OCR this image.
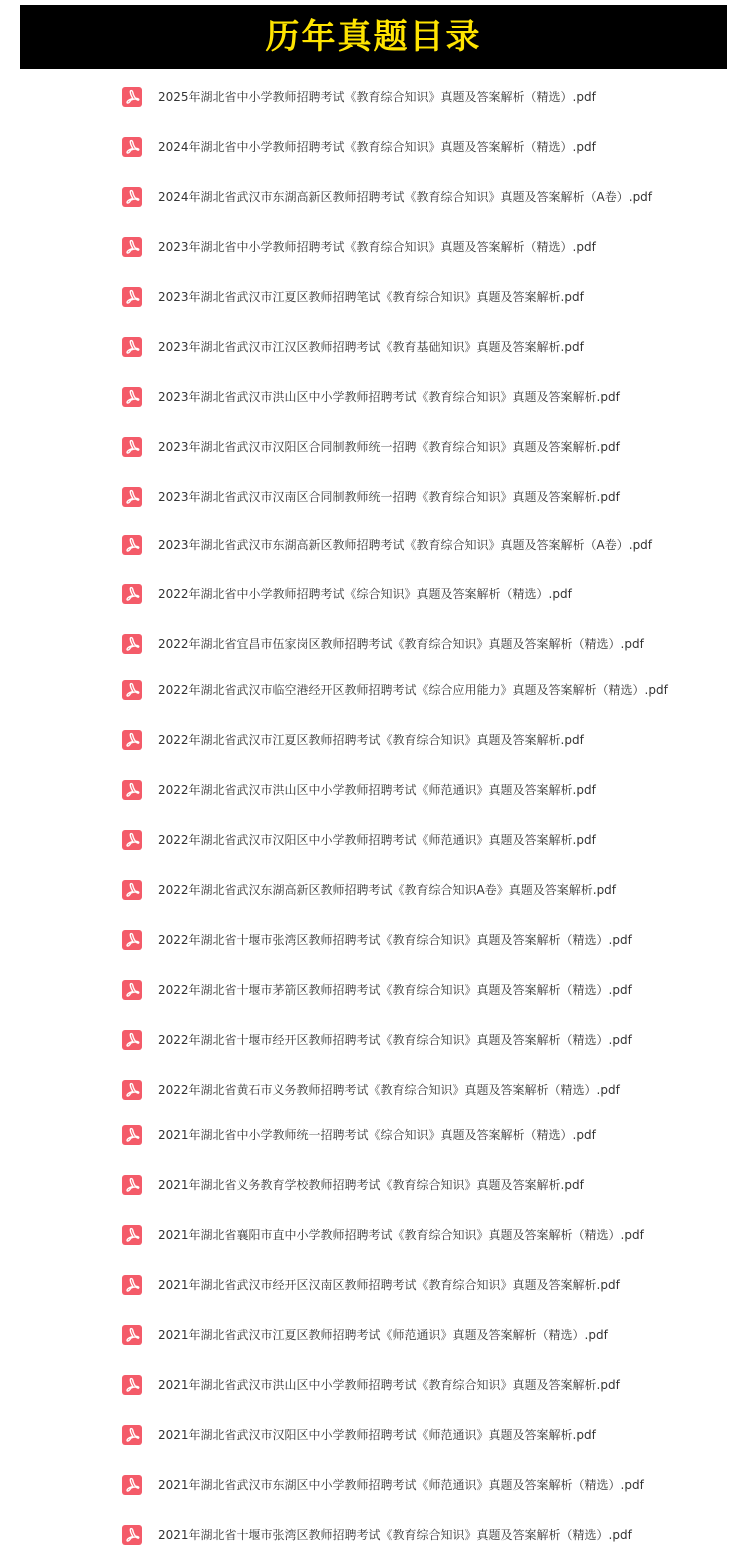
历年真题目录
2025年湖北省中小学教师招聘考试《教育综合知识》真题及答案解析（精选）.pdf
2024年湖北省中小学教师招聘考试《教育综合知识》真题及答案解析（精选）.pdf
2024年湖北省武汉市东湖高新区教师招聘考试《教育综合知识》真题及答案解析（A卷）.pdf
2023年湖北省中小学教师招聘考试《教育综合知识》真题及答案解析（精选）.pdf
2023年湖北省武汉市江夏区教师招聘笔试《教育综合知识》真题及答案解析.pdf
2023年湖北省武汉市江汉区教师招聘考试《教育基础知识》真题及答案解析.pdf
2023年湖北省武汉市洪山区中小学教师招聘考试《教育综合知识》真题及答案解析.pdf
2023年湖北省武汉市汉阳区合同制教师统一招聘《教育综合知识》真题及答案解析.pdf
2023年湖北省武汉市汉南区合同制教师统一招聘《教育综合知识》真题及答案解析.pdf
2023年湖北省武汉市东湖高新区教师招聘考试《教育综合知识》真题及答案解析（A卷）.pdf
2022年湖北省中小学教师招聘考试《综合知识》真题及答案解析（精选）.pdf
2022年湖北省宜昌市伍家岗区教师招聘考试《教育综合知识》真题及答案解析（精选）.pdf
2022年湖北省武汉市临空港经开区教师招聘考试《综合应用能力》真题及答案解析（精选）.pdf
2022年湖北省武汉市江夏区教师招聘考试《教育综合知识》真题及答案解析.pdf
2022年湖北省武汉市洪山区中小学教师招聘考试《师范通识》真题及答案解析.pdf
2022年湖北省武汉市汉阳区中小学教师招聘考试《师范通识》真题及答案解析.pdf
2022年湖北省武汉东湖高新区教师招聘考试《教育综合知识A卷》真题及答案解析.pdf
2022年湖北省十堰市张湾区教师招聘考试《教育综合知识》真题及答案解析（精选）.pdf
2022年湖北省十堰市茅箭区教师招聘考试《教育综合知识》真题及答案解析（精选）.pdf
2022年湖北省十堰市经开区教师招聘考试《教育综合知识》真题及答案解析（精选）.pdf
2022年湖北省黄石市义务教师招聘考试《教育综合知识》真题及答案解析（精选）.pdf
2021年湖北省中小学教师统一招聘考试《综合知识》真题及答案解析（精选）.pdf
2021年湖北省义务教育学校教师招聘考试《教育综合知识》真题及答案解析.pdf
2021年湖北省襄阳市直中小学教师招聘考试《教育综合知识》真题及答案解析（精选）.pdf
2021年湖北省武汉市经开区汉南区教师招聘考试《教育综合知识》真题及答案解析.pdf
2021年湖北省武汉市江夏区教师招聘考试《师范通识》真题及答案解析（精选）.pdf
2021年湖北省武汉市洪山区中小学教师招聘考试《教育综合知识》真题及答案解析.pdf
2021年湖北省武汉市汉阳区中小学教师招聘考试《师范通识》真题及答案解析.pdf
2021年湖北省武汉市东湖区中小学教师招聘考试《师范通识》真题及答案解析（精选）.pdf
2021年湖北省十堰市张湾区教师招聘考试《教育综合知识》真题及答案解析（精选）.pdf
